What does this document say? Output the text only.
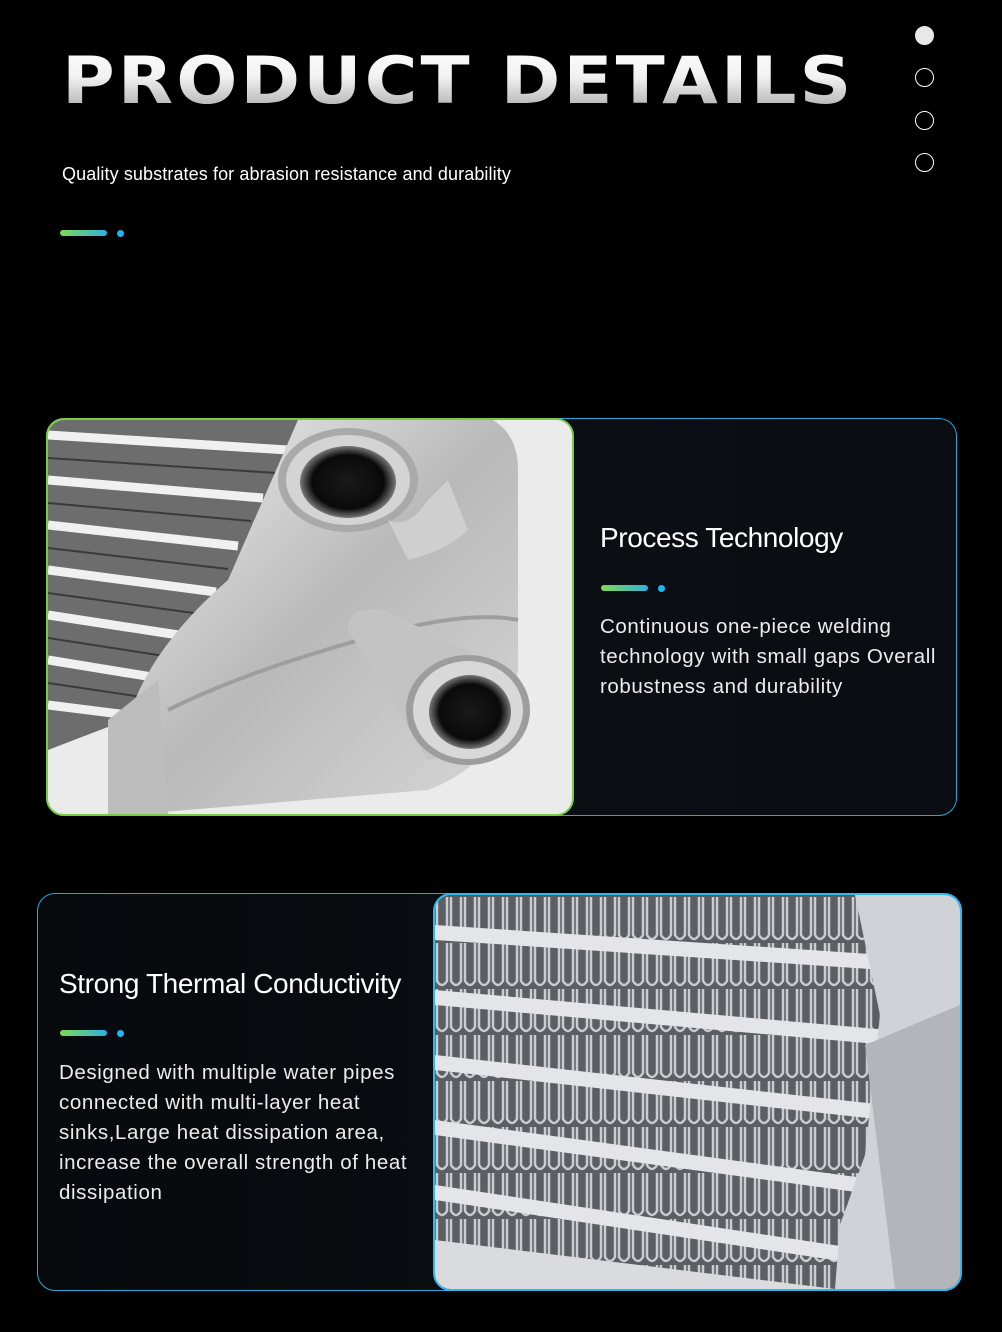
PRODUCT DETAILS
Quality substrates for abrasion resistance and durability
Process Technology

Continuous one-piece welding technology with small gaps Overall robustness and durability

Strong Thermal Conductivity

Designed with multiple water pipes connected with multi-layer heat sinks,Large heat dissipation area, increase the overall strength of heat dissipation
